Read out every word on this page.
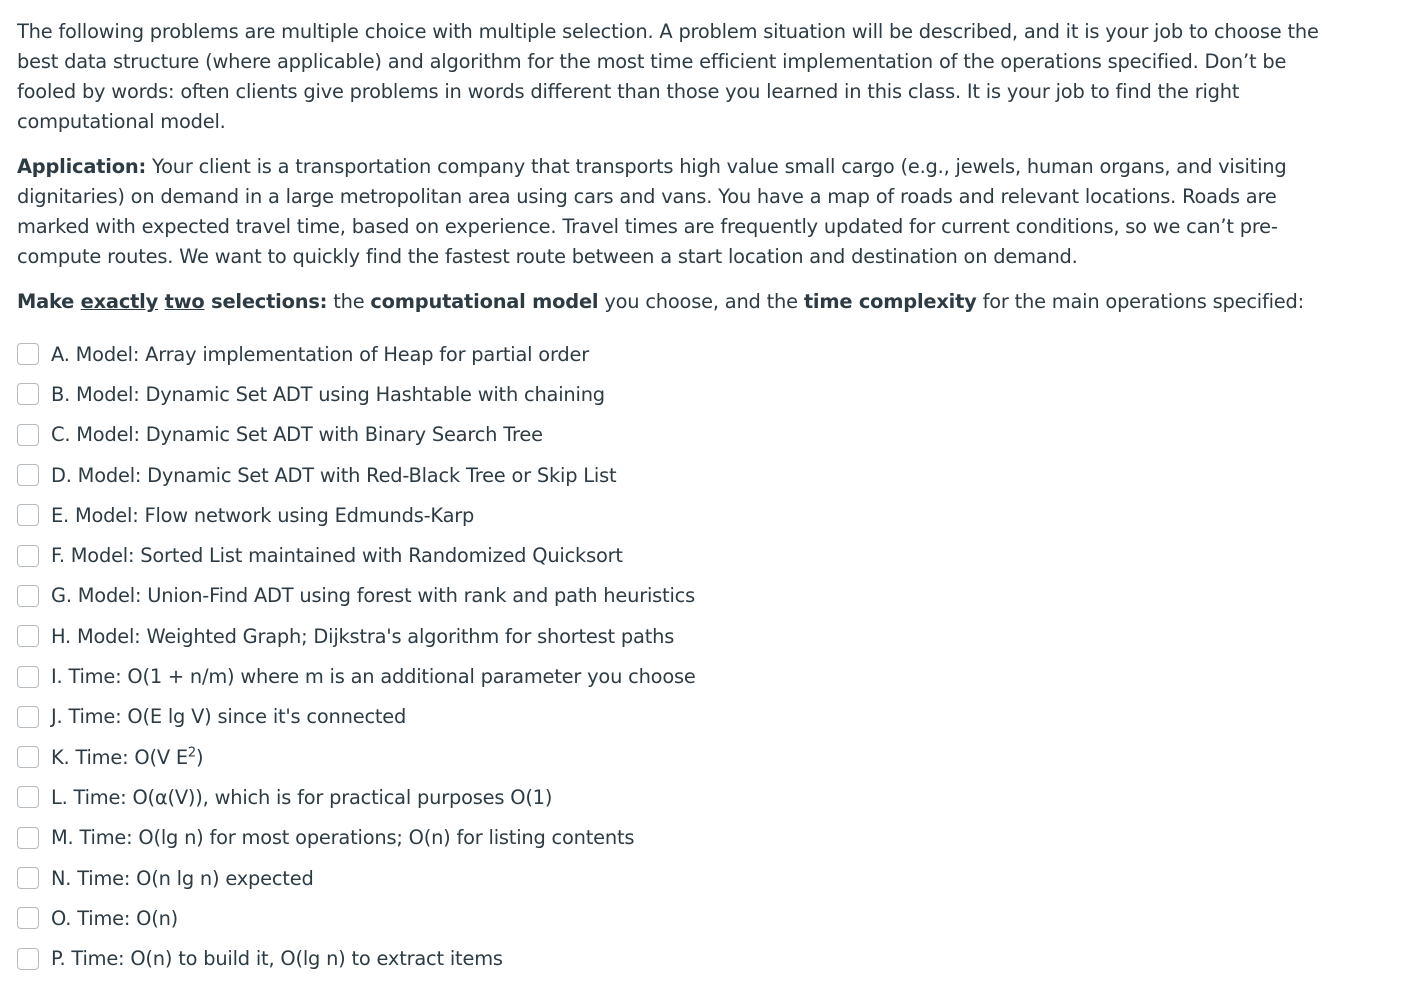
The following problems are multiple choice with multiple selection. A problem situation will be described, and it is your job to choose the best data structure (where applicable) and algorithm for the most time efficient implementation of the operations specified. Don’t be fooled by words: often clients give problems in words different than those you learned in this class. It is your job to find the right computational model.

Application: Your client is a transportation company that transports high value small cargo (e.g., jewels, human organs, and visiting dignitaries) on demand in a large metropolitan area using cars and vans. You have a map of roads and relevant locations. Roads are marked with expected travel time, based on experience. Travel times are frequently updated for current conditions, so we can’t pre-compute routes. We want to quickly find the fastest route between a start location and destination on demand.

Make exactly two selections: the computational model you choose, and the time complexity for the main operations specified:

A. Model: Array implementation of Heap for partial order
B. Model: Dynamic Set ADT using Hashtable with chaining
C. Model: Dynamic Set ADT with Binary Search Tree
D. Model: Dynamic Set ADT with Red-Black Tree or Skip List
E. Model: Flow network using Edmunds-Karp
F. Model: Sorted List maintained with Randomized Quicksort
G. Model: Union-Find ADT using forest with rank and path heuristics
H. Model: Weighted Graph; Dijkstra's algorithm for shortest paths
I. Time: O(1 + n/m) where m is an additional parameter you choose
J. Time: O(E lg V) since it's connected
K. Time: O(V $E^2$)
L. Time: O(α(V)), which is for practical purposes O(1)
M. Time: O(lg n) for most operations; O(n) for listing contents
N. Time: O(n lg n) expected
O. Time: O(n)
P. Time: O(n) to build it, O(lg n) to extract items
